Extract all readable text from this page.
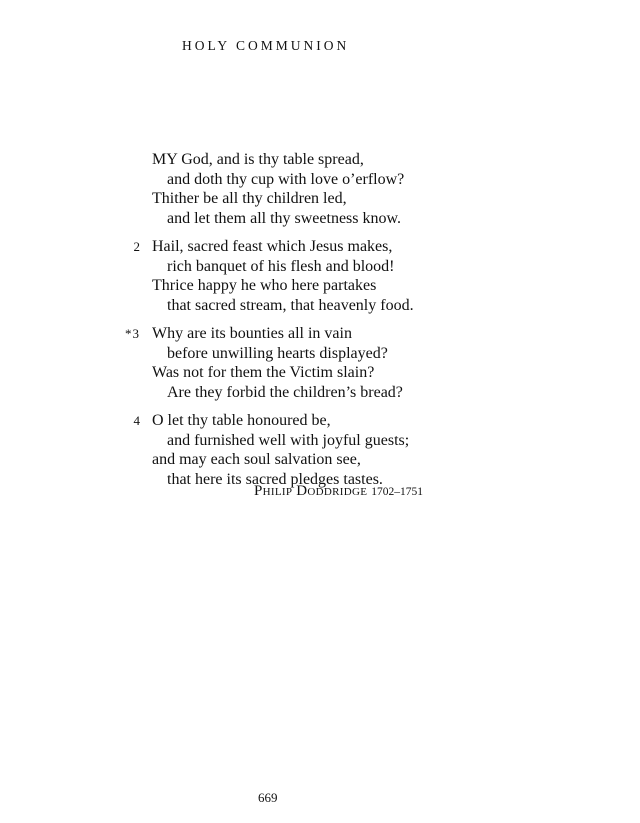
HOLY COMMUNION
MY God, and is thy table spread,
and doth thy cup with love o’erflow?
Thither be all thy children led,
and let them all thy sweetness know.
2 Hail, sacred feast which Jesus makes,
rich banquet of his flesh and blood!
Thrice happy he who here partakes
that sacred stream, that heavenly food.
*3 Why are its bounties all in vain
before unwilling hearts displayed?
Was not for them the Victim slain?
Are they forbid the children’s bread?
4 O let thy table honoured be,
and furnished well with joyful guests;
and may each soul salvation see,
that here its sacred pledges tastes.
Philip Doddridge 1702–1751
669
